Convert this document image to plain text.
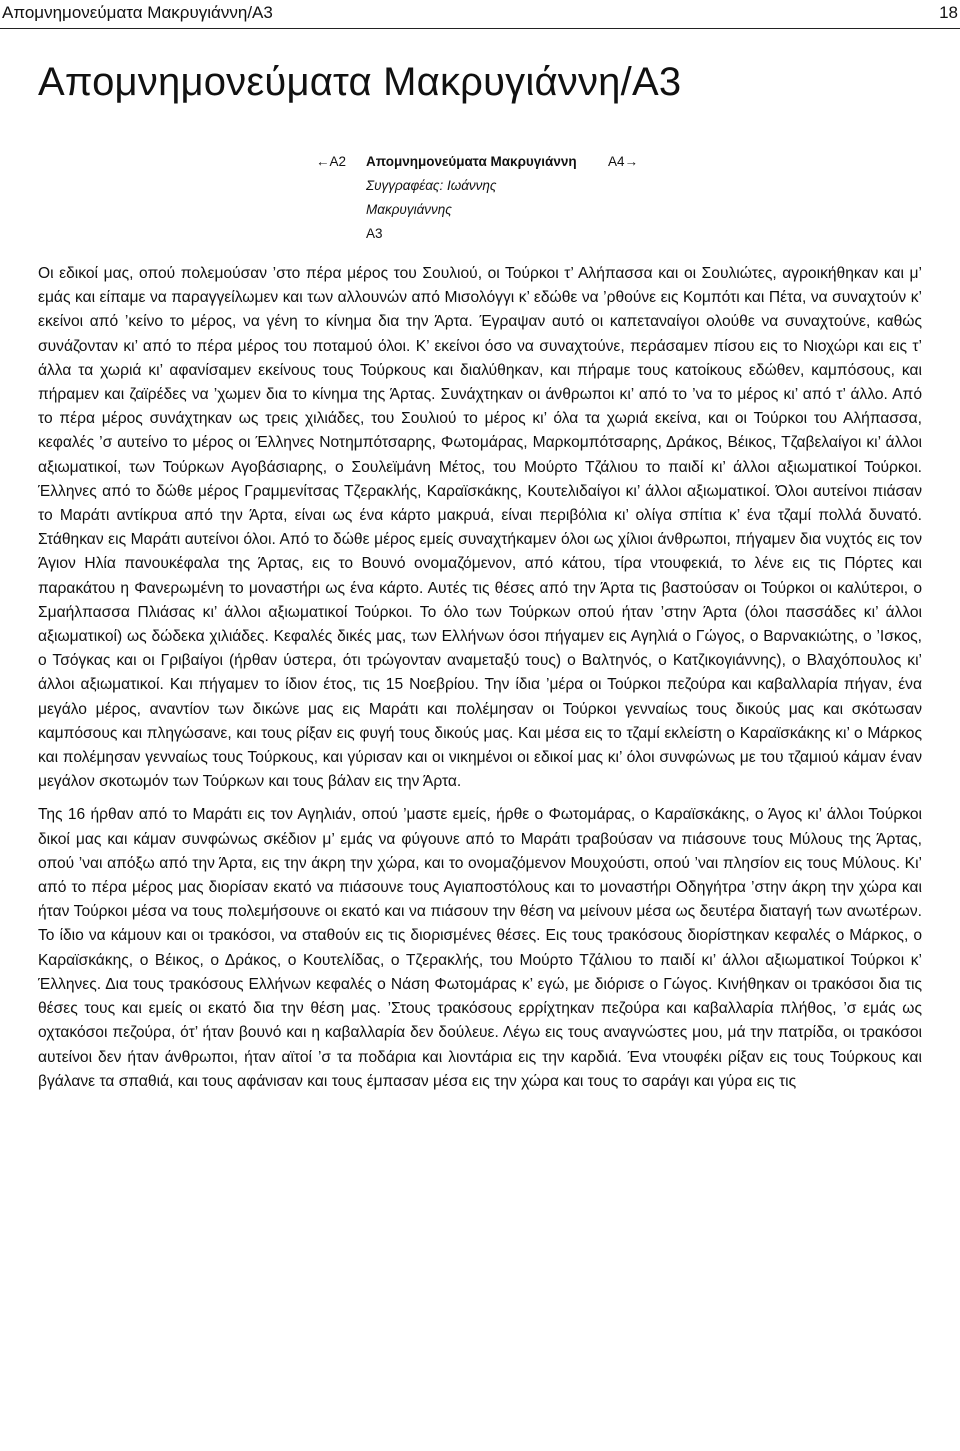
Απομνημονεύματα Μακρυγιάννη/Α3	18
Απομνημονεύματα Μακρυγιάννη/Α3
←Α2 Απομνημονεύματα Μακρυγιάννη Α4→
Συγγραφέας: Ιωάννης
Μακρυγιάννης
Α3

Οι εδικοί μας, οπού πολεμούσαν ’στο πέρα μέρος του Σουλιού, οι Τούρκοι τ’ Αλήπασσα και οι Σουλιώτες, αγροικήθηκαν και μ’ εμάς και είπαμε να παραγγείλωμεν και των αλλουνών από Μισολόγγι κ’ εδώθε να ’ρθούνε εις Κομπότι και Πέτα, να συναχτούν κ’ εκείνοι από ’κείνο το μέρος, να γένη το κίνημα δια την Άρτα. Έγραψαν αυτό οι καπεταναίγοι ολούθε να συναχτούνε, καθώς συνάζονταν κι’ από το πέρα μέρος του ποταμού όλοι. Κ’ εκείνοι όσο να συναχτούνε, περάσαμεν πίσου εις το Νιοχώρι και εις τ’ άλλα τα χωριά κι’ αφανίσαμεν εκείνους τους Τούρκους και διαλύθηκαν, και πήραμε τους κατοίκους εδώθεν, καμπόσους, και πήραμεν και ζαϊρέδες να ’χωμεν δια το κίνημα της Άρτας. Συνάχτηκαν οι άνθρωποι κι’ από το ’να το μέρος κι’ από τ’ άλλο. Από το πέρα μέρος συνάχτηκαν ως τρεις χιλιάδες, του Σουλιού το μέρος κι’ όλα τα χωριά εκείνα, και οι Τούρκοι του Αλήπασσα, κεφαλές ’σ αυτείνο το μέρος οι Έλληνες Νοτημπότσαρης, Φωτομάρας, Μαρκομπότσαρης, Δράκος, Βέικος, Τζαβελαίγοι κι’ άλλοι αξιωματικοί, των Τούρκων Αγοβάσιαρης, ο Σουλεϊμάνη Μέτος, του Μούρτο Τζάλιου το παιδί κι’ άλλοι αξιωματικοί Τούρκοι. Έλληνες από το δώθε μέρος Γραμμενίτσας Τζερακλής, Καραϊσκάκης, Κουτελιδαίγοι κι’ άλλοι αξιωματικοί. Όλοι αυτείνοι πιάσαν το Μαράτι αντίκρυα από την Άρτα, είναι ως ένα κάρτο μακρυά, είναι περιβόλια κι’ ολίγα σπίτια κ’ ένα τζαμί πολλά δυνατό. Στάθηκαν εις Μαράτι αυτείνοι όλοι. Από το δώθε μέρος εμείς συναχτήκαμεν όλοι ως χίλιοι άνθρωποι, πήγαμεν δια νυχτός εις τον Άγιον Ηλία πανουκέφαλα της Άρτας, εις το Βουνό ονομαζόμενον, από κάτου, τίρα ντουφεκιά, το λένε εις τις Πόρτες και παρακάτου η Φανερωμένη το μοναστήρι ως ένα κάρτο. Αυτές τις θέσες από την Άρτα τις βαστούσαν οι Τούρκοι οι καλύτεροι, ο Σμαήλπασσα Πλιάσας κι’ άλλοι αξιωματικοί Τούρκοι. Το όλο των Τούρκων οπού ήταν ’στην Άρτα (όλοι πασσάδες κι’ άλλοι αξιωματικοί) ως δώδεκα χιλιάδες. Κεφαλές δικές μας, των Ελλήνων όσοι πήγαμεν εις Αγηλιά ο Γώγος, ο Βαρνακιώτης, ο ’Ισκος, ο Τσόγκας και οι Γριβαίγοι (ήρθαν ύστερα, ότι τρώγονταν αναμεταξύ τους) ο Βαλτηνός, ο Κατζικογιάννης), ο Βλαχόπουλος κι’ άλλοι αξιωματικοί. Και πήγαμεν το ίδιον έτος, τις 15 Νοεβρίου. Την ίδια ’μέρα οι Τούρκοι πεζούρα και καβαλλαρία πήγαν, ένα μεγάλο μέρος, αναντίον των δικώνε μας εις Μαράτι και πολέμησαν οι Τούρκοι γενναίως τους δικούς μας και σκότωσαν καμπόσους και πληγώσανε, και τους ρίξαν εις φυγή τους δικούς μας. Και μέσα εις το τζαμί εκλείστη ο Καραϊσκάκης κι’ ο Μάρκος και πολέμησαν γενναίως τους Τούρκους, και γύρισαν και οι νικημένοι οι εδικοί μας κι’ όλοι συνφώνως με του τζαμιού κάμαν έναν μεγάλον σκοτωμόν των Τούρκων και τους βάλαν εις την Άρτα.

Της 16 ήρθαν από το Μαράτι εις τον Αγηλιάν, οπού ’μαστε εμείς, ήρθε ο Φωτομάρας, ο Καραϊσκάκης, ο Άγος κι’ άλλοι Τούρκοι δικοί μας και κάμαν συνφώνως σκέδιον μ’ εμάς να φύγουνε από το Μαράτι τραβούσαν να πιάσουνε τους Μύλους της Άρτας, οπού ’ναι απόξω από την Άρτα, εις την άκρη την χώρα, και το ονομαζόμενον Μουχούστι, οπού ’ναι πλησίον εις τους Μύλους. Κι’ από το πέρα μέρος μας διορίσαν εκατό να πιάσουνε τους Αγιαποστόλους και το μοναστήρι Οδηγήτρα ’στην άκρη την χώρα και ήταν Τούρκοι μέσα να τους πολεμήσουνε οι εκατό και να πιάσουν την θέση να μείνουν μέσα ως δευτέρα διαταγή των ανωτέρων. Το ίδιο να κάμουν και οι τρακόσοι, να σταθούν εις τις διορισμένες θέσες. Εις τους τρακόσους διορίστηκαν κεφαλές ο Μάρκος, ο Καραϊσκάκης, ο Βέικος, ο Δράκος, ο Κουτελίδας, ο Τζερακλής, του Μούρτο Τζάλιου το παιδί κι’ άλλοι αξιωματικοί Τούρκοι κ’ Έλληνες. Δια τους τρακόσους Ελλήνων κεφαλές ο Νάση Φωτομάρας κ’ εγώ, με διόρισε ο Γώγος. Κινήθηκαν οι τρακόσοι δια τις θέσες τους και εμείς οι εκατό δια την θέση μας. ’Στους τρακόσους ερρίχτηκαν πεζούρα και καβαλλαρία πλήθος, ’σ εμάς ως οχτακόσοι πεζούρα, ότ’ ήταν βουνό και η καβαλλαρία δεν δούλευε. Λέγω εις τους αναγνώστες μου, μά την πατρίδα, οι τρακόσοι αυτείνοι δεν ήταν άνθρωποι, ήταν αϊτοί ’σ τα ποδάρια και λιοντάρια εις την καρδιά. Ένα ντουφέκι ρίξαν εις τους Τούρκους και βγάλανε τα σπαθιά, και τους αφάνισαν και τους έμπασαν μέσα εις την χώρα και τους το σαράγι και γύρα εις τις
